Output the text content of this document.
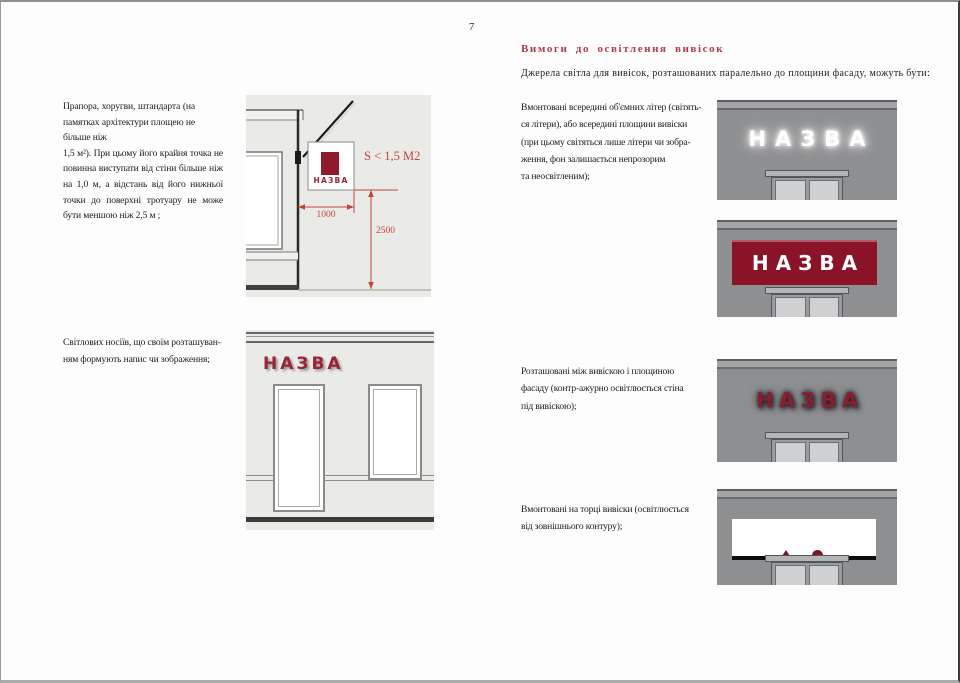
7

Прапора, хоругви, штандарта (на памятках архітектури площею не більше ніж

1,5 м²). При цьому його крайня точка не повинна виступати від стіни більше ніж на 1,0 м, а відстань від його нижньої точки до поверхні тротуару не може бути меншою ніж 2,5 м ;

Світлових носіїв, що своїм розташуван-
ням формують напис чи зображення;
НАЗВА
S < 1,5 М2
1000
2500
НАЗВА
Вимоги до освітлення вивісок
Джерела світла для вивісок, розташованих паралельно до площини фасаду, можуть бути:
Вмонтовані всередині об'ємних літер (світять-
ся літери), або всередині площини вивіски
(при цьому світяться лише літери чи зобра-
ження, фон залишається непрозорим
та неосвітленим);
Розташовані між вивіскою і площиною
фасаду (контр-ажурно освітлюється стіна
під вивіскою);
Вмонтовані на торці вивіски (освітлюється
від зовнішнього контуру);
НАЗВА
НАЗВА
НАЗВА
